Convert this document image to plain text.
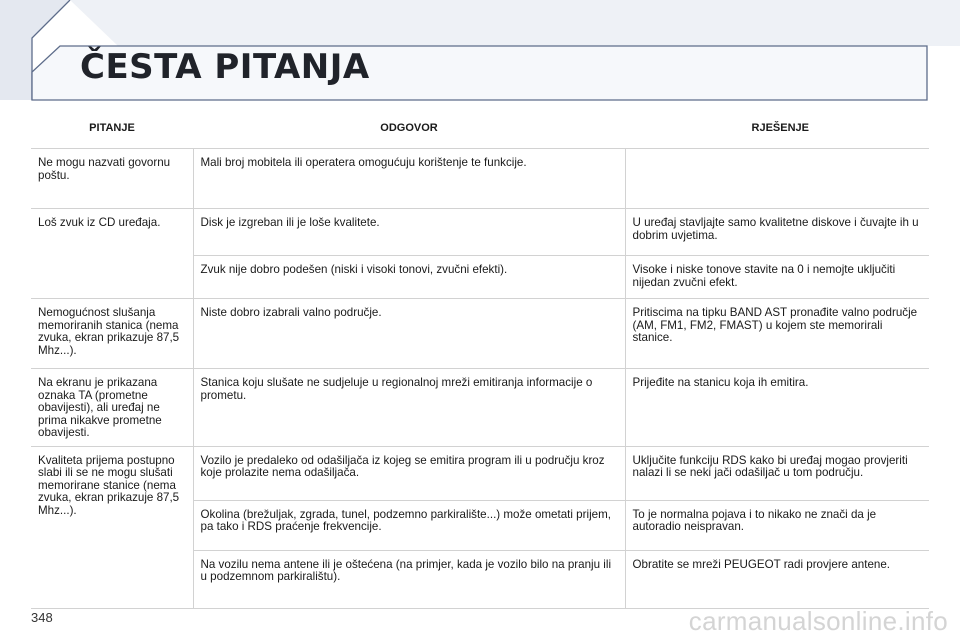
ČESTA PITANJA
PITANJE	ODGOVOR	RJEŠENJE
Ne mogu nazvati govornu poštu.	Mali broj mobitela ili operatera omogućuju korištenje te funkcije.	
Loš zvuk iz CD uređaja.	Disk je izgreban ili je loše kvalitete.	U uređaj stavljajte samo kvalitetne diskove i čuvajte ih u dobrim uvjetima.
	Zvuk nije dobro podešen (niski i visoki tonovi, zvučni efekti).	Visoke i niske tonove stavite na 0 i nemojte uključiti nijedan zvučni efekt.
Nemogućnost slušanja memoriranih stanica (nema zvuka, ekran prikazuje 87,5 Mhz...).	Niste dobro izabrali valno područje.	Pritiscima na tipku BAND AST pronađite valno područje (AM, FM1, FM2, FMAST) u kojem ste memorirali stanice.
Na ekranu je prikazana oznaka TA (prometne obavijesti), ali uređaj ne prima nikakve prometne obavijesti.	Stanica koju slušate ne sudjeluje u regionalnoj mreži emitiranja informacije o prometu.	Prijeđite na stanicu koja ih emitira.
Kvaliteta prijema postupno slabi ili se ne mogu slušati memorirane stanice (nema zvuka, ekran prikazuje 87,5 Mhz...).	Vozilo je predaleko od odašiljača iz kojeg se emitira program ili u području kroz koje prolazite nema odašiljača.	Uključite funkciju RDS kako bi uređaj mogao provjeriti nalazi li se neki jači odašiljač u tom području.
	Okolina (brežuljak, zgrada, tunel, podzemno parkiralište...) može ometati prijem, pa tako i RDS praćenje frekvencije.	To je normalna pojava i to nikako ne znači da je autoradio neispravan.
	Na vozilu nema antene ili je oštećena (na primjer, kada je vozilo bilo na pranju ili u podzemnom parkiralištu).	Obratite se mreži PEUGEOT radi provjere antene.
348	carmanualsonline.info
